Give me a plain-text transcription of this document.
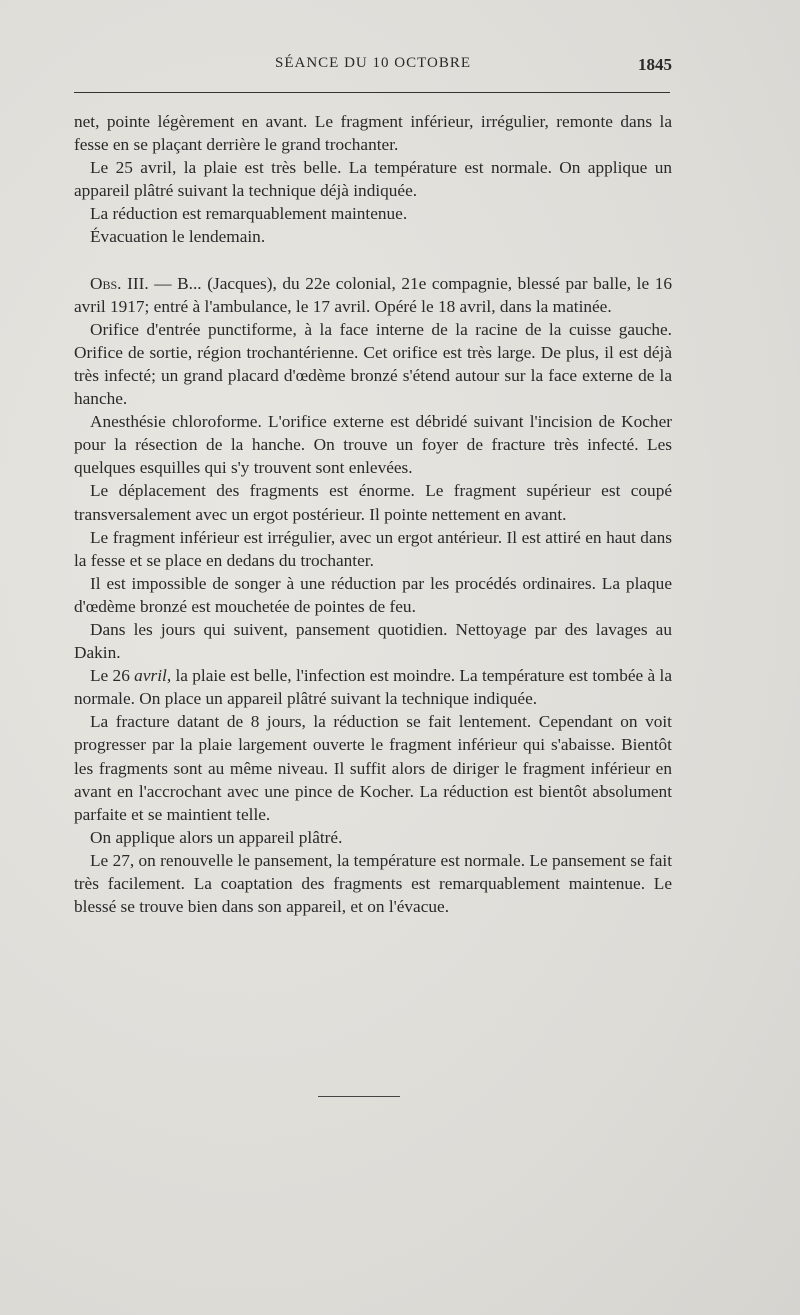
SÉANCE DU 10 OCTOBRE	1845

net, pointe légèrement en avant. Le fragment inférieur, irrégulier, remonte dans la fesse en se plaçant derrière le grand trochanter.

Le 25 avril, la plaie est très belle. La température est normale. On applique un appareil plâtré suivant la technique déjà indiquée.

La réduction est remarquablement maintenue.

Évacuation le lendemain.

Obs. III. — B... (Jacques), du 22e colonial, 21e compagnie, blessé par balle, le 16 avril 1917; entré à l'ambulance, le 17 avril. Opéré le 18 avril, dans la matinée.

Orifice d'entrée punctiforme, à la face interne de la racine de la cuisse gauche. Orifice de sortie, région trochantérienne. Cet orifice est très large. De plus, il est déjà très infecté; un grand placard d'œdème bronzé s'étend autour sur la face externe de la hanche.

Anesthésie chloroforme. L'orifice externe est débridé suivant l'incision de Kocher pour la résection de la hanche. On trouve un foyer de fracture très infecté. Les quelques esquilles qui s'y trouvent sont enlevées.

Le déplacement des fragments est énorme. Le fragment supérieur est coupé transversalement avec un ergot postérieur. Il pointe nettement en avant.

Le fragment inférieur est irrégulier, avec un ergot antérieur. Il est attiré en haut dans la fesse et se place en dedans du trochanter.

Il est impossible de songer à une réduction par les procédés ordinaires. La plaque d'œdème bronzé est mouchetée de pointes de feu.

Dans les jours qui suivent, pansement quotidien. Nettoyage par des lavages au Dakin.

Le 26 avril, la plaie est belle, l'infection est moindre. La température est tombée à la normale. On place un appareil plâtré suivant la technique indiquée.

La fracture datant de 8 jours, la réduction se fait lentement. Cependant on voit progresser par la plaie largement ouverte le fragment inférieur qui s'abaisse. Bientôt les fragments sont au même niveau. Il suffit alors de diriger le fragment inférieur en avant en l'accrochant avec une pince de Kocher. La réduction est bientôt absolument parfaite et se maintient telle.

On applique alors un appareil plâtré.

Le 27, on renouvelle le pansement, la température est normale. Le pansement se fait très facilement. La coaptation des fragments est remarquablement maintenue. Le blessé se trouve bien dans son appareil, et on l'évacue.
